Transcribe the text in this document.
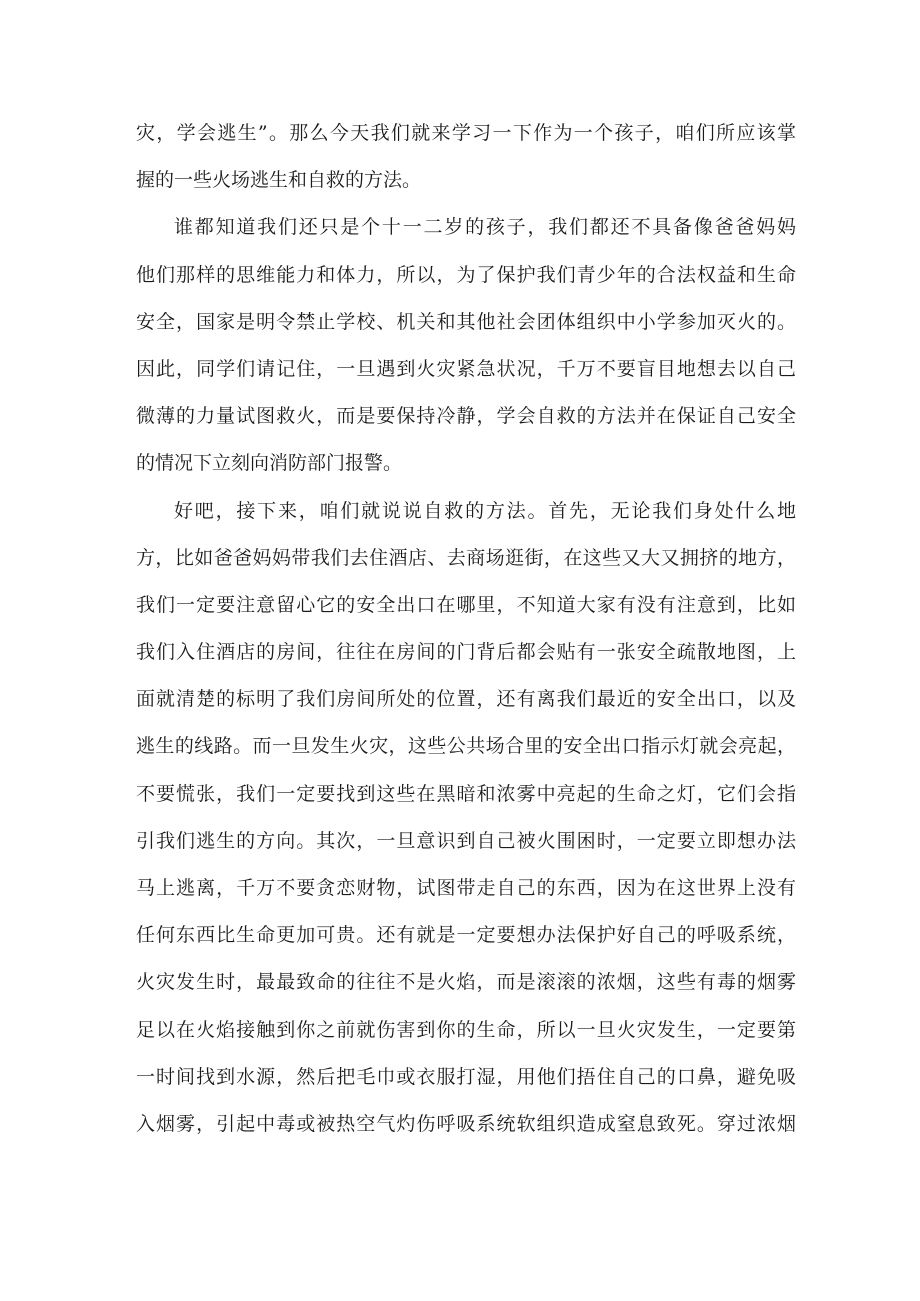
灾，学会逃生”。那么今天我们就来学习一下作为一个孩子，咱们所应该掌
握的一些火场逃生和自救的方法。
谁都知道我们还只是个十一二岁的孩子，我们都还不具备像爸爸妈妈
他们那样的思维能力和体力，所以，为了保护我们青少年的合法权益和生命
安全，国家是明令禁止学校、机关和其他社会团体组织中小学参加灭火的。
因此，同学们请记住，一旦遇到火灾紧急状况，千万不要盲目地想去以自己
微薄的力量试图救火，而是要保持冷静，学会自救的方法并在保证自己安全
的情况下立刻向消防部门报警。
好吧，接下来，咱们就说说自救的方法。首先，无论我们身处什么地
方，比如爸爸妈妈带我们去住酒店、去商场逛街，在这些又大又拥挤的地方，
我们一定要注意留心它的安全出口在哪里，不知道大家有没有注意到，比如
我们入住酒店的房间，往往在房间的门背后都会贴有一张安全疏散地图，上
面就清楚的标明了我们房间所处的位置，还有离我们最近的安全出口，以及
逃生的线路。而一旦发生火灾，这些公共场合里的安全出口指示灯就会亮起，
不要慌张，我们一定要找到这些在黑暗和浓雾中亮起的生命之灯，它们会指
引我们逃生的方向。其次，一旦意识到自己被火围困时，一定要立即想办法
马上逃离，千万不要贪恋财物，试图带走自己的东西，因为在这世界上没有
任何东西比生命更加可贵。还有就是一定要想办法保护好自己的呼吸系统，
火灾发生时，最最致命的往往不是火焰，而是滚滚的浓烟，这些有毒的烟雾
足以在火焰接触到你之前就伤害到你的生命，所以一旦火灾发生，一定要第
一时间找到水源，然后把毛巾或衣服打湿，用他们捂住自己的口鼻，避免吸
入烟雾，引起中毒或被热空气灼伤呼吸系统软组织造成窒息致死。穿过浓烟
